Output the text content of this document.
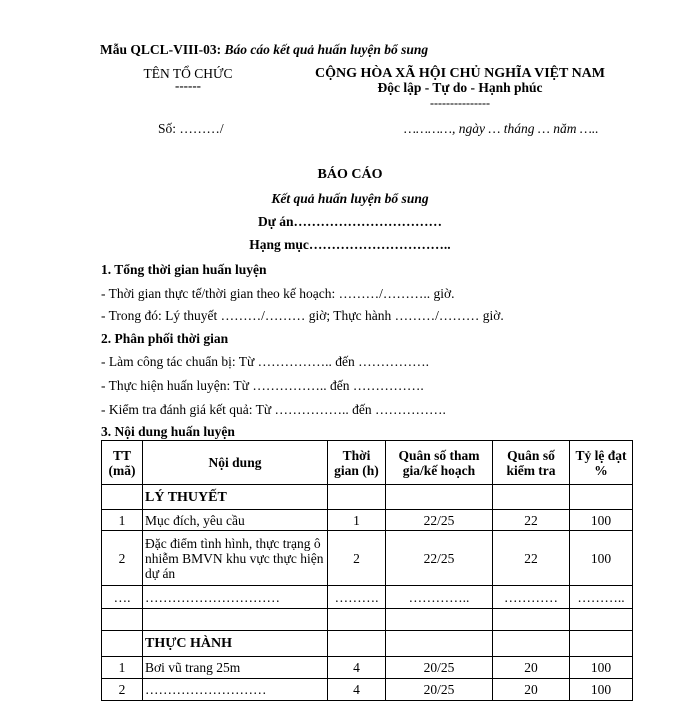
Mẫu QLCL-VIII-03: Báo cáo kết quả huấn luyện bổ sung
TÊN TỔ CHỨC
------
CỘNG HÒA XÃ HỘI CHỦ NGHĨA VIỆT NAM
Độc lập - Tự do - Hạnh phúc
---------------
Số: ………/	…………, ngày … tháng … năm …..
BÁO CÁO
Kết quả huấn luyện bổ sung
Dự án……………………………
Hạng mục…………………………..
1. Tổng thời gian huấn luyện
- Thời gian thực tế/thời gian theo kế hoạch: ………/……….. giờ.
- Trong đó: Lý thuyết ………/……… giờ; Thực hành ………/……… giờ.
2. Phân phối thời gian
- Làm công tác chuẩn bị: Từ …………….. đến …………….
- Thực hiện huấn luyện: Từ …………….. đến …………….
- Kiểm tra đánh giá kết quả: Từ …………….. đến …………….
3. Nội dung huấn luyện
TT (mã)	Nội dung	Thời gian (h)	Quân số tham gia/kế hoạch	Quân số kiểm tra	Tỷ lệ đạt %
	LÝ THUYẾT				
1	Mục đích, yêu cầu	1	22/25	22	100
2	Đặc điểm tình hình, thực trạng ô nhiễm BMVN khu vực thực hiện dự án	2	22/25	22	100
….	…………………………	……….	…………..	…………	………..

	THỰC HÀNH				
1	Bơi vũ trang 25m	4	20/25	20	100
2	………………………	4	20/25	20	100
